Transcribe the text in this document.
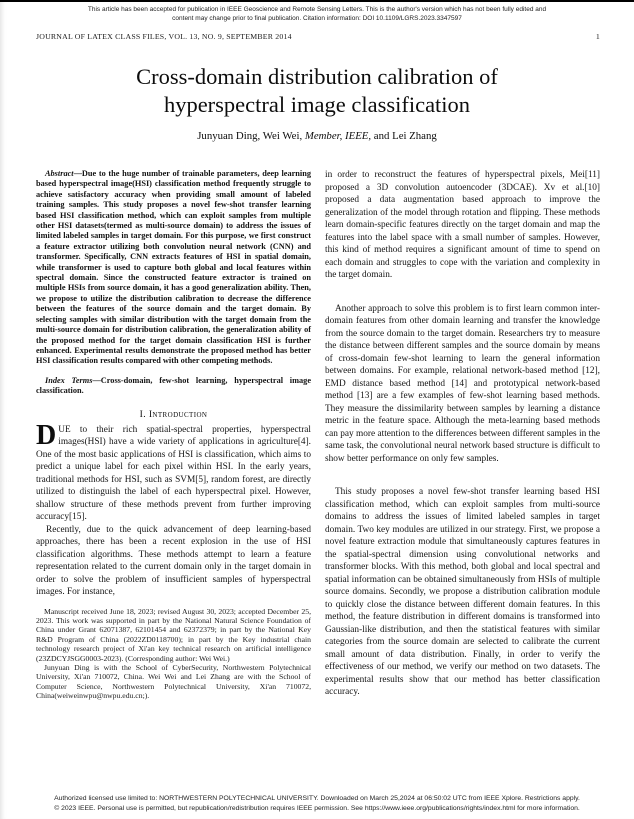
This article has been accepted for publication in IEEE Geoscience and Remote Sensing Letters. This is the author's version which has not been fully edited and
content may change prior to final publication. Citation information: DOI 10.1109/LGRS.2023.3347597
JOURNAL OF LATEX CLASS FILES, VOL. 13, NO. 9, SEPTEMBER 2014	1
Cross-domain distribution calibration of hyperspectral image classification
Junyuan Ding, Wei Wei, Member, IEEE, and Lei Zhang

Abstract—Due to the huge number of trainable parameters, deep learning based hyperspectral image(HSI) classification method frequently struggle to achieve satisfactory accuracy when providing small amount of labeled training samples. This study proposes a novel few-shot transfer learning based HSI classification method, which can exploit samples from multiple other HSI datasets(termed as multi-source domain) to address the issues of limited labeled samples in target domain. For this purpose, we first construct a feature extractor utilizing both convolution neural network (CNN) and transformer. Specifically, CNN extracts features of HSI in spatial domain, while transformer is used to capture both global and local features within spectral domain. Since the constructed feature extractor is trained on multiple HSIs from source domain, it has a good generalization ability. Then, we propose to utilize the distribution calibration to decrease the difference between the features of the source domain and the target domain. By selecting samples with similar distribution with the target domain from the multi-source domain for distribution calibration, the generalization ability of the proposed method for the target domain classification HSI is further enhanced. Experimental results demonstrate the proposed method has better HSI classification results compared with other competing methods.

Index Terms—Cross-domain, few-shot learning, hyperspectral image classification.

I. Introduction

DUE to their rich spatial-spectral properties, hyperspectral images(HSI) have a wide variety of applications in agriculture[4]. One of the most basic applications of HSI is classification, which aims to predict a unique label for each pixel within HSI. In the early years, traditional methods for HSI, such as SVM[5], random forest, are directly utilized to distinguish the label of each hyperspectral pixel. However, shallow structure of these methods prevent from further improving accuracy[15].

Recently, due to the quick advancement of deep learning-based approaches, there has been a recent explosion in the use of HSI classification algorithms. These methods attempt to learn a feature representation related to the current domain only in the target domain in order to solve the problem of insufficient samples of hyperspectral images. For instance,

Manuscript received June 18, 2023; revised August 30, 2023; accepted December 25, 2023. This work was supported in part by the National Natural Science Foundation of China under Grant 62071387, 62101454 and 62372379; in part by the National Key R&D Program of China (2022ZD0118700); in part by the Key industrial chain technology research project of Xi'an key technical research on artificial intelligence (23ZDCYJSGG0003-2023). (Corresponding author: Wei Wei.)

Junyuan Ding is with the School of CyberSecurity, Northwestern Polytechnical University, Xi'an 710072, China. Wei Wei and Lei Zhang are with the School of Computer Science, Northwestern Polytechnical University, Xi'an 710072, China(weiweinwpu@nwpu.edu.cn;).

in order to reconstruct the features of hyperspectral pixels, Mei[11] proposed a 3D convolution autoencoder (3DCAE). Xv et al.[10] proposed a data augmentation based approach to improve the generalization of the model through rotation and flipping. These methods learn domain-specific features directly on the target domain and map the features into the label space with a small number of samples. However, this kind of method requires a significant amount of time to spend on each domain and struggles to cope with the variation and complexity in the target domain.

Another approach to solve this problem is to first learn common inter-domain features from other domain learning and transfer the knowledge from the source domain to the target domain. Researchers try to measure the distance between different samples and the source domain by means of cross-domain few-shot learning to learn the general information between domains. For example, relational network-based method [12], EMD distance based method [14] and prototypical network-based method [13] are a few examples of few-shot learning based methods. They measure the dissimilarity between samples by learning a distance metric in the feature space. Although the meta-learning based methods can pay more attention to the differences between different samples in the same task, the convolutional neural network based structure is difficult to show better performance on only few samples.

This study proposes a novel few-shot transfer learning based HSI classification method, which can exploit samples from multi-source domains to address the issues of limited labeled samples in target domain. Two key modules are utilized in our strategy. First, we propose a novel feature extraction module that simultaneously captures features in the spatial-spectral dimension using convolutional networks and transformer blocks. With this method, both global and local spectral and spatial information can be obtained simultaneously from HSIs of multiple source domains. Secondly, we propose a distribution calibration module to quickly close the distance between different domain features. In this method, the feature distribution in different domains is transformed into Gaussian-like distribution, and then the statistical features with similar categories from the source domain are selected to calibrate the current small amount of data distribution. Finally, in order to verify the effectiveness of our method, we verify our method on two datasets. The experimental results show that our method has better classification accuracy.

Authorized licensed use limited to: NORTHWESTERN POLYTECHNICAL UNIVERSITY. Downloaded on March 25,2024 at 06:50:02 UTC from IEEE Xplore. Restrictions apply.
© 2023 IEEE. Personal use is permitted, but republication/redistribution requires IEEE permission. See https://www.ieee.org/publications/rights/index.html for more information.
